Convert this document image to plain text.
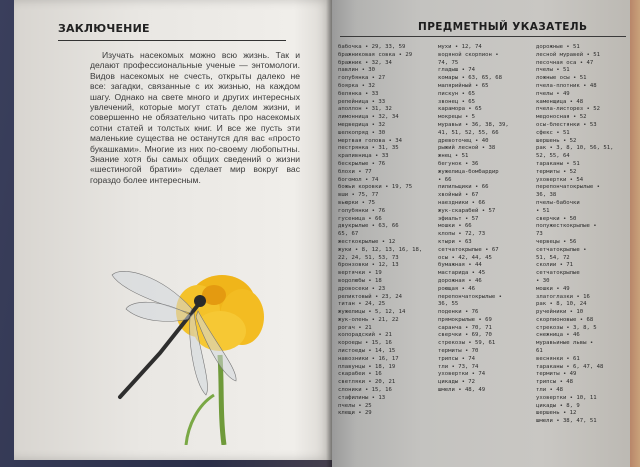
ЗАКЛЮЧЕНИЕ

Изучать насекомых можно всю жизнь. Так и делают профессиональные ученые — энтомологи. Видов насекомых не счесть, открыты далеко не все: загадки, связанные с их жизнью, на каждом шагу. Однако на свете много и других интересных увлечений, которые могут стать делом жизни, и совершенно не обязательно читать про насекомых сотни статей и толстых книг. И все же пусть эти маленькие существа не останутся для вас «просто букашками». Многие из них по-своему любопытны. Знание хотя бы самых общих сведений о жизни «шестиногой братии» сделает мир вокруг вас гораздо более интересным.

ПРЕДМЕТНЫЙ УКАЗАТЕЛЬ
бабочка • 29, 33, 59
бражниковая совка • 29
бражник • 32, 34
павлин • 30
голубянка • 27
боярка • 32
белянка • 33
репейница • 33
аполлон • 31, 32
лимонница • 32, 34
медведица • 32
шелкопряд • 30
мертвая голова • 34
пестрянка • 31, 35
крапивница • 33
бескрылые • 76
блохи • 77
богомол • 74
божьи коровки • 19, 75
вши • 75, 77
вьюрки • 75
голубянки • 76
гусеница • 66
двукрылые • 63, 66
65, 67
жесткокрылые • 12
жуки • 8, 12, 13, 16, 18,
22, 24, 51, 53, 73
бронзовки • 12, 13
вертячки • 19
водолюбы • 18
дровосеки • 23
реликтовый • 23, 24
титан • 24, 25
жужелицы • 5, 12, 14
жук-олень • 21, 22
рогач • 21
колорадский • 21
короеды • 15, 16
листоеды • 14, 15
навозники • 16, 17
плавунцы • 18, 19
скарабеи • 16
светляки • 20, 21
слоники • 15, 16
стафилины • 13
пчелы • 25
клещи • 29
мухи • 12, 74
водяной скорпион •
74, 75
гладыш • 74
комары • 63, 65, 68
малярийный • 65
пискун • 65
звонец • 65
карамора • 65
мокрецы • 5
муравьи • 36, 38, 39,
41, 51, 52, 55, 66
древоточец • 40
рыжий лесной • 38
жнец • 51
бегунок • 36
жужелица-бомбардир
• 66
пилильщики • 66
хвойный • 67
наездники • 66
жук-скарабей • 57
эфиальт • 57
мошки • 66
клопы • 72, 73
ктыри • 63
сетчатокрылые • 67
осы • 42, 44, 45
бумажная • 44
мастарида • 45
дорожная • 46
роющая • 46
перепончатокрылые •
36, 55
поденки • 76
прямокрылые • 69
саранча • 70, 71
сверчки • 69, 70
стрекозы • 59, 61
термиты • 70
трипсы • 74
тли • 73, 74
уховертки • 74
цикады • 72
шмели • 48, 49
дорожные • 51
лесной муравей • 51
песочная оса • 47
пчелы • 51
ложные осы • 51
пчела-плотник • 48
пчелы • 49
каменщица • 48
пчела-листорез • 52
медоносная • 52
осы-блестянки • 53
сфекс • 51
шершень • 52
рак • 3, 8, 10, 56, 51,
52, 55, 64
тараканы • 51
термиты • 52
уховертки • 54
перепончатокрылые •
36, 38
пчелы-бабочки
• 51
сверчки • 50
полужесткокрылые •
73
червецы • 56
сетчатокрылые •
51, 54, 72
сколии • 71
сетчатокрылые
• 30
мошки • 49
златоглазки • 16
рак • 8, 10, 24
ручейники • 10
скорпионовые • 68
стрекозы • 3, 8, 5
снежница • 46
муравьиные львы •
61
веснянки • 61
тараканы • 6, 47, 48
термиты • 49
трипсы • 48
тли • 48
уховертки • 10, 11
цикады • 8, 9
шершень • 12
шмели • 38, 47, 51
